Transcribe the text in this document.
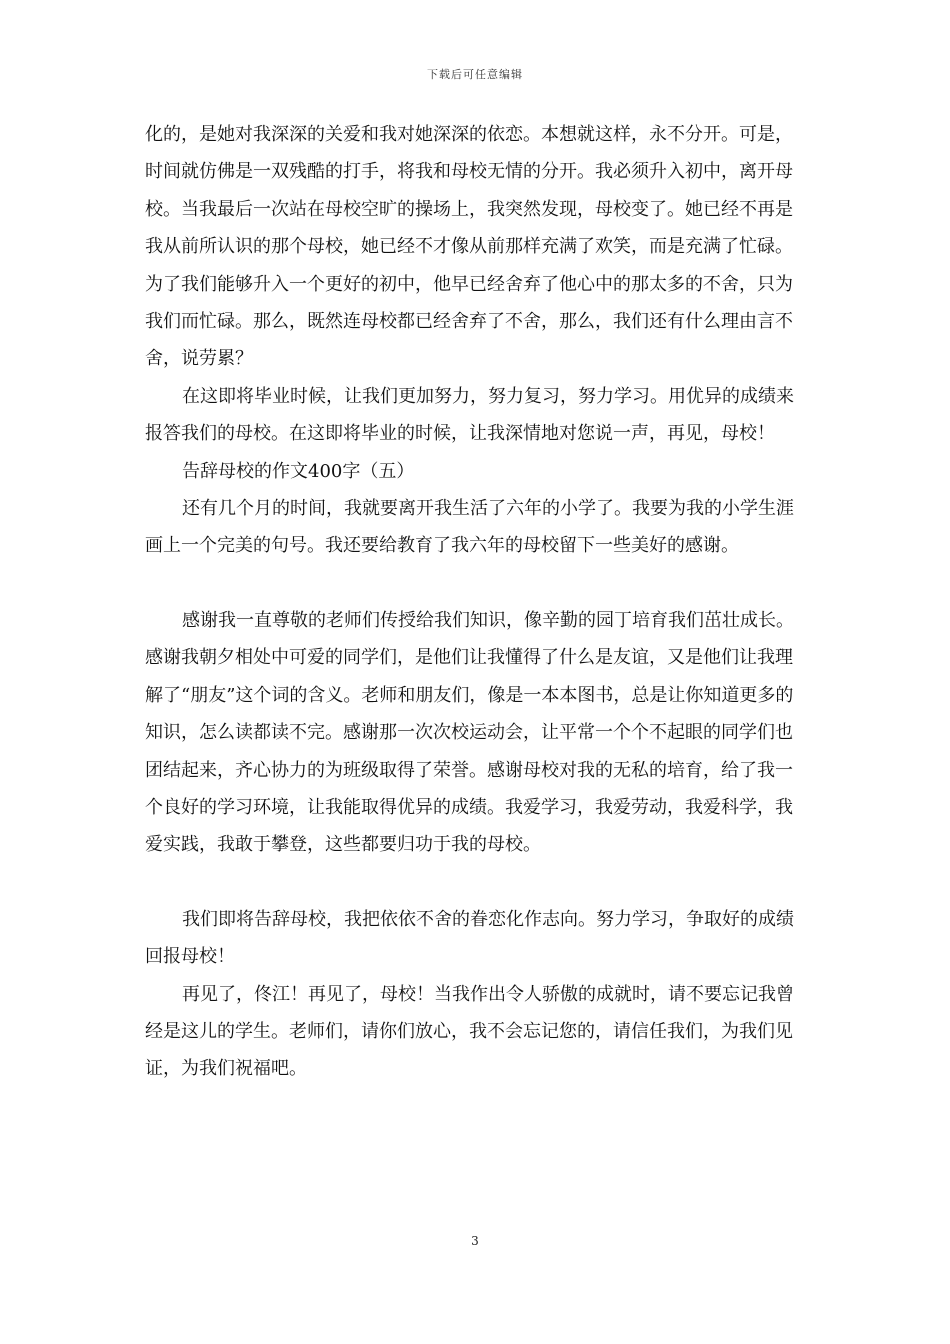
下载后可任意编辑

化的，是她对我深深的关爱和我对她深深的依恋。本想就这样，永不分开。可是，时间就仿佛是一双残酷的打手，将我和母校无情的分开。我必须升入初中，离开母校。当我最后一次站在母校空旷的操场上，我突然发现，母校变了。她已经不再是我从前所认识的那个母校，她已经不才像从前那样充满了欢笑，而是充满了忙碌。为了我们能够升入一个更好的初中，他早已经舍弃了他心中的那太多的不舍，只为我们而忙碌。那么，既然连母校都已经舍弃了不舍，那么，我们还有什么理由言不舍，说劳累？

在这即将毕业时候，让我们更加努力，努力复习，努力学习。用优异的成绩来报答我们的母校。在这即将毕业的时候，让我深情地对您说一声，再见，母校！

告辞母校的作文400字（五）

还有几个月的时间，我就要离开我生活了六年的小学了。我要为我的小学生涯画上一个完美的句号。我还要给教育了我六年的母校留下一些美好的感谢。

感谢我一直尊敬的老师们传授给我们知识，像辛勤的园丁培育我们茁壮成长。感谢我朝夕相处中可爱的同学们，是他们让我懂得了什么是友谊，又是他们让我理解了“朋友”这个词的含义。老师和朋友们，像是一本本图书，总是让你知道更多的知识，怎么读都读不完。感谢那一次次校运动会，让平常一个个不起眼的同学们也团结起来，齐心协力的为班级取得了荣誉。感谢母校对我的无私的培育，给了我一个良好的学习环境，让我能取得优异的成绩。我爱学习，我爱劳动，我爱科学，我爱实践，我敢于攀登，这些都要归功于我的母校。

我们即将告辞母校，我把依依不舍的眷恋化作志向。努力学习，争取好的成绩回报母校！

再见了，佟江！再见了，母校！当我作出令人骄傲的成就时，请不要忘记我曾经是这儿的学生。老师们，请你们放心，我不会忘记您的，请信任我们，为我们见证，为我们祝福吧。

3
